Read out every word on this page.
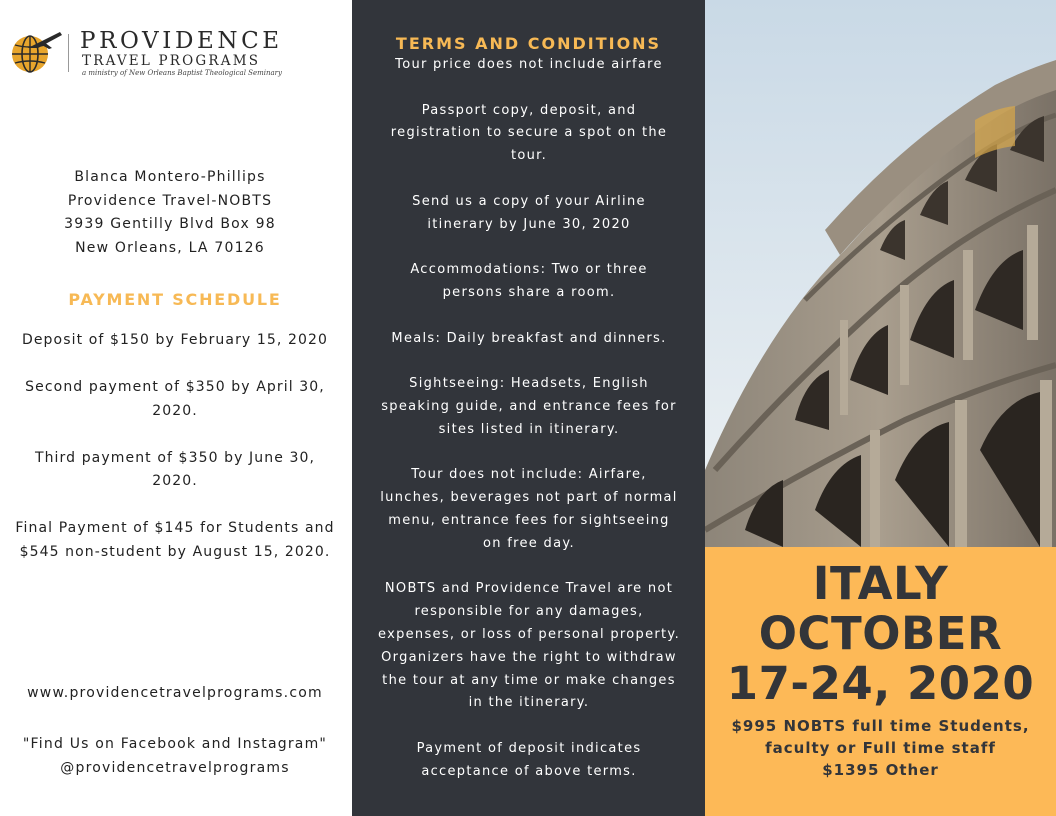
PROVIDENCE
TRAVEL PROGRAMS
a ministry of New Orleans Baptist Theological Seminary
Blanca Montero-Phillips
Providence Travel-NOBTS
3939 Gentilly Blvd Box 98
New Orleans, LA 70126
PAYMENT SCHEDULE
Deposit of $150 by February 15, 2020
Second payment of $350 by April 30, 2020.
Third payment of $350 by June 30, 2020.
Final Payment of $145 for Students and $545 non-student by August 15, 2020.
www.providencetravelprograms.com
"Find Us on Facebook and Instagram"
@providencetravelprograms
TERMS AND CONDITIONS
Tour price does not include airfare
Passport copy, deposit, and registration to secure a spot on the tour.
Send us a copy of your Airline itinerary by June 30, 2020
Accommodations: Two or three persons share a room.
Meals: Daily breakfast and dinners.
Sightseeing: Headsets, English speaking guide, and entrance fees for sites listed in itinerary.
Tour does not include: Airfare, lunches, beverages not part of normal menu, entrance fees for sightseeing on free day.
NOBTS and Providence Travel are not responsible for any damages, expenses, or loss of personal property. Organizers have the right to withdraw the tour at any time or make changes in the itinerary.
Payment of deposit indicates acceptance of above terms.
ITALY
OCTOBER
17-24, 2020
$995 NOBTS full time Students,
faculty or Full time staff
$1395 Other
